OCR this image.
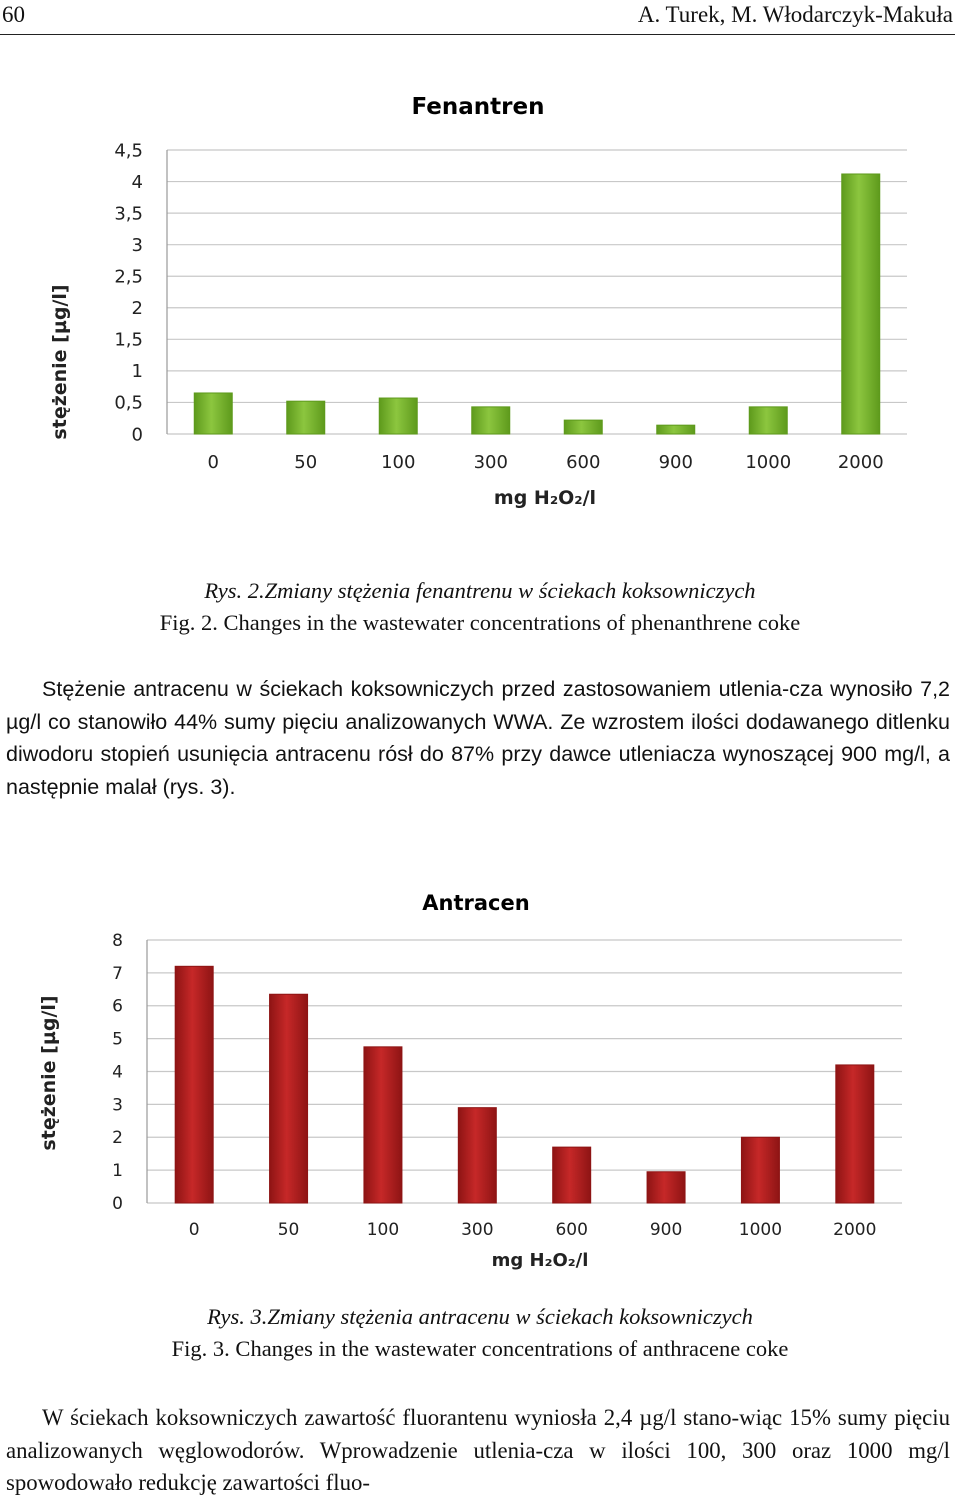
60	A. Turek, M. Włodarczyk-Makuła
Fenantren
0
0,5
1
1,5
2
2,5
3
3,5
4
4,5
0	50	100	300	600	900	1000	2000
mg H₂O₂/l
stężenie [µg/l]
Rys. 2.Zmiany stężenia fenantrenu w ściekach koksowniczych
Fig. 2. Changes in the wastewater concentrations of phenanthrene coke

Stężenie antracenu w ściekach koksowniczych przed zastosowaniem utlenia-cza wynosiło 7,2 µg/l co stanowiło 44% sumy pięciu analizowanych WWA. Ze wzrostem ilości dodawanego ditlenku diwodoru stopień usunięcia antracenu rósł do 87% przy dawce utleniacza wynoszącej 900 mg/l, a następnie malał (rys. 3).

Antracen
0
1
2
3
4
5
6
7
8
0	50	100	300	600	900	1000	2000
mg H₂O₂/l
stężenie [µg/l]
Rys. 3.Zmiany stężenia antracenu w ściekach koksowniczych
Fig. 3. Changes in the wastewater concentrations of anthracene coke

W ściekach koksowniczych zawartość fluorantenu wyniosła 2,4 µg/l stano-wiąc 15% sumy pięciu analizowanych węglowodorów. Wprowadzenie utlenia-cza w ilości 100, 300 oraz 1000 mg/l spowodowało redukcję zawartości fluo-
